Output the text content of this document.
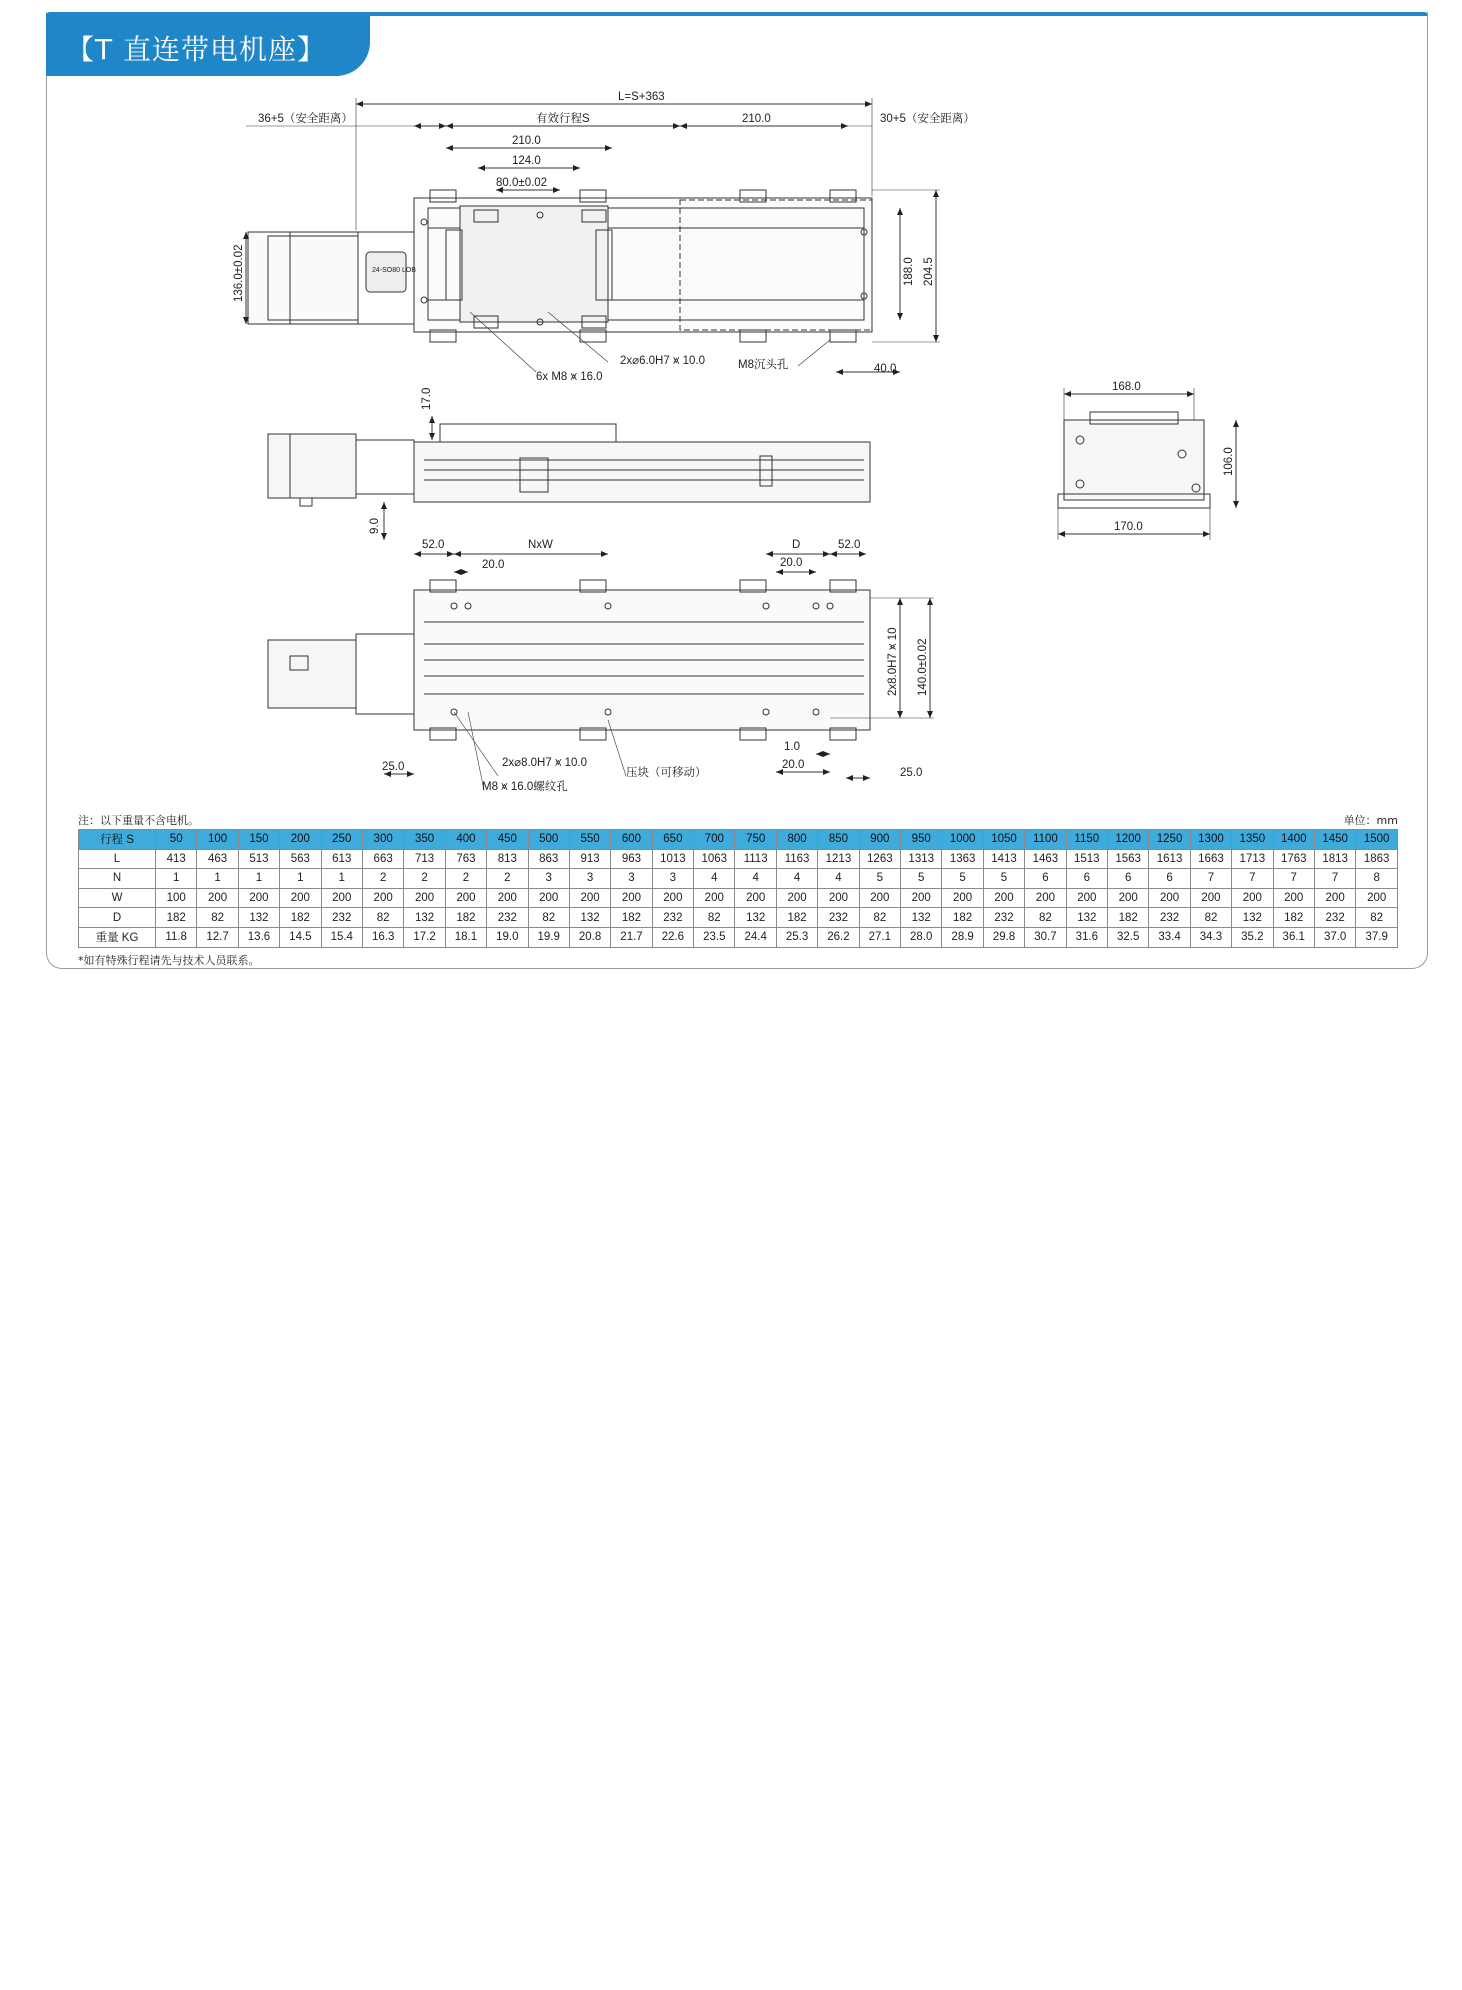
【T 直连带电机座】
L=S+363
36+5（安全距离）	有效行程S	210.0	30+5（安全距离）
210.0
124.0
80.0±0.02
136.0±0.02	188.0 204.5
6x M8 ⩙ 16.0
2x⌀6.0H7 ⩙ 10.0	M8沉头孔	40.0
24-SO80 LOB
17.0
9.0
168.0
106.0
170.0
52.0	NxW
20.0
D	52.0
20.0
2x8.0H7 ⩙ 10 140.0±0.02
25.0	2x⌀8.0H7 ⩙ 10.0
M8 ⩙ 16.0螺纹孔
压块（可移动）
1.0
20.0
25.0
注：以下重量不含电机。	单位：mm
行程 S	50	100	150	200	250	300	350	400	450	500	550	600	650	700	750	800	850	900	950	1000	1050	1100	1150	1200	1250	1300	1350	1400	1450	1500
L	413	463	513	563	613	663	713	763	813	863	913	963	1013	1063	1113	1163	1213	1263	1313	1363	1413	1463	1513	1563	1613	1663	1713	1763	1813	1863
N	1	1	1	1	1	2	2	2	2	3	3	3	3	4	4	4	4	5	5	5	5	6	6	6	6	7	7	7	7	8
W	100	200	200	200	200	200	200	200	200	200	200	200	200	200	200	200	200	200	200	200	200	200	200	200	200	200	200	200	200	200
D	182	82	132	182	232	82	132	182	232	82	132	182	232	82	132	182	232	82	132	182	232	82	132	182	232	82	132	182	232	82
重量 KG	11.8	12.7	13.6	14.5	15.4	16.3	17.2	18.1	19.0	19.9	20.8	21.7	22.6	23.5	24.4	25.3	26.2	27.1	28.0	28.9	29.8	30.7	31.6	32.5	33.4	34.3	35.2	36.1	37.0	37.9
*如有特殊行程请先与技术人员联系。
